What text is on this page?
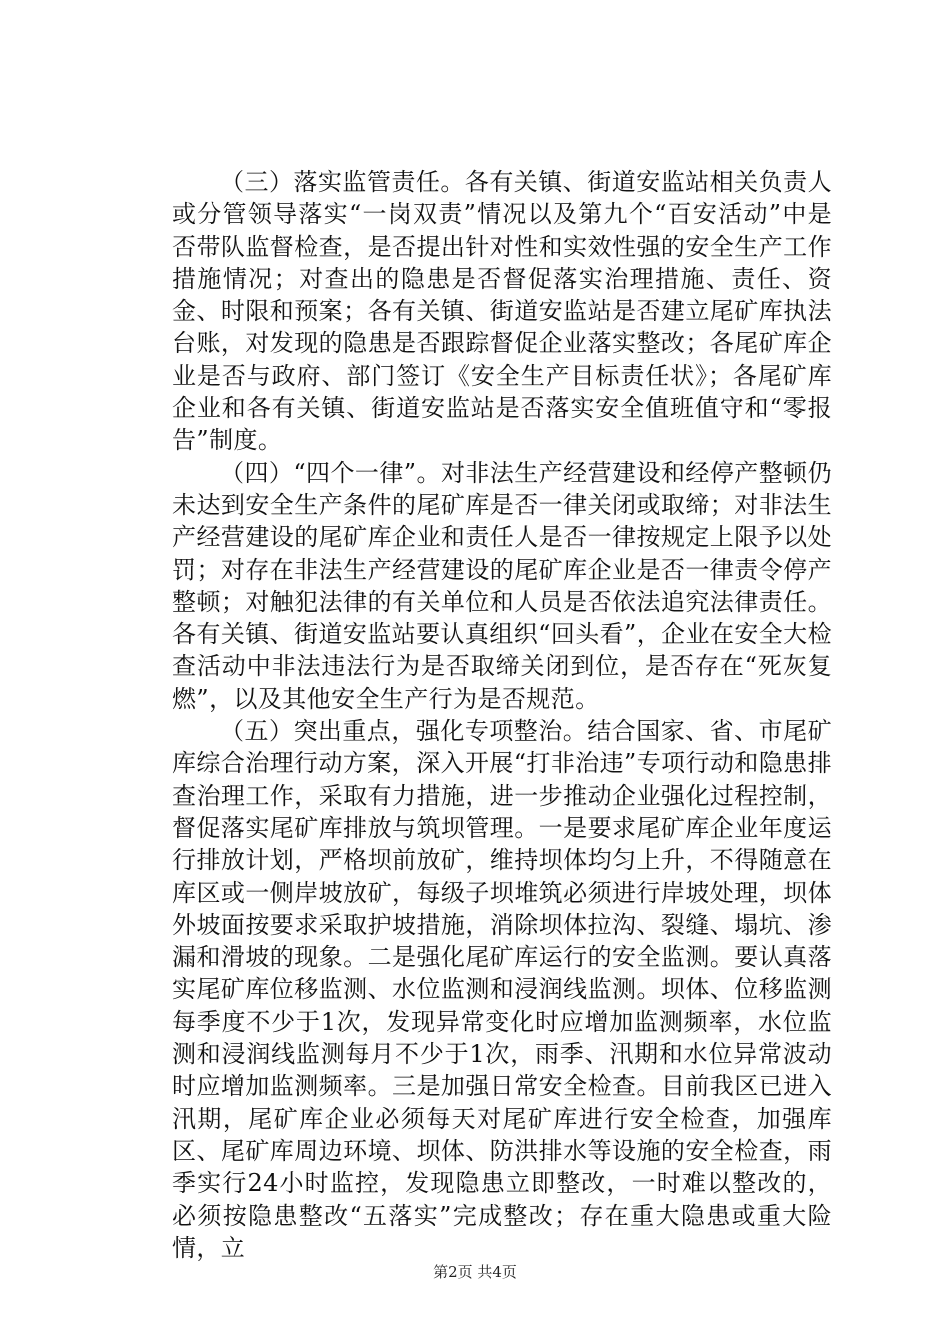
（三）落实监管责任。各有关镇、街道安监站相关负责人或分管领导落实“一岗双责”情况以及第九个“百安活动”中是否带队监督检查，是否提出针对性和实效性强的安全生产工作措施情况；对查出的隐患是否督促落实治理措施、责任、资金、时限和预案；各有关镇、街道安监站是否建立尾矿库执法台账，对发现的隐患是否跟踪督促企业落实整改；各尾矿库企业是否与政府、部门签订《安全生产目标责任状》；各尾矿库企业和各有关镇、街道安监站是否落实安全值班值守和“零报告”制度。

（四）“四个一律”。对非法生产经营建设和经停产整顿仍未达到安全生产条件的尾矿库是否一律关闭或取缔；对非法生产经营建设的尾矿库企业和责任人是否一律按规定上限予以处罚；对存在非法生产经营建设的尾矿库企业是否一律责令停产整顿；对触犯法律的有关单位和人员是否依法追究法律责任。各有关镇、街道安监站要认真组织“回头看”，企业在安全大检查活动中非法违法行为是否取缔关闭到位，是否存在“死灰复燃”，以及其他安全生产行为是否规范。

（五）突出重点，强化专项整治。结合国家、省、市尾矿库综合治理行动方案，深入开展“打非治违”专项行动和隐患排查治理工作，采取有力措施，进一步推动企业强化过程控制，督促落实尾矿库排放与筑坝管理。一是要求尾矿库企业年度运行排放计划，严格坝前放矿，维持坝体均匀上升，不得随意在库区或一侧岸坡放矿，每级子坝堆筑必须进行岸坡处理，坝体外坡面按要求采取护坡措施，消除坝体拉沟、裂缝、塌坑、渗漏和滑坡的现象。二是强化尾矿库运行的安全监测。要认真落实尾矿库位移监测、水位监测和浸润线监测。坝体、位移监测每季度不少于1次，发现异常变化时应增加监测频率，水位监测和浸润线监测每月不少于1次，雨季、汛期和水位异常波动时应增加监测频率。三是加强日常安全检查。目前我区已进入汛期，尾矿库企业必须每天对尾矿库进行安全检查，加强库区、尾矿库周边环境、坝体、防洪排水等设施的安全检查，雨季实行24小时监控，发现隐患立即整改，一时难以整改的，必须按隐患整改“五落实”完成整改；存在重大隐患或重大险情，立

第2页 共4页
